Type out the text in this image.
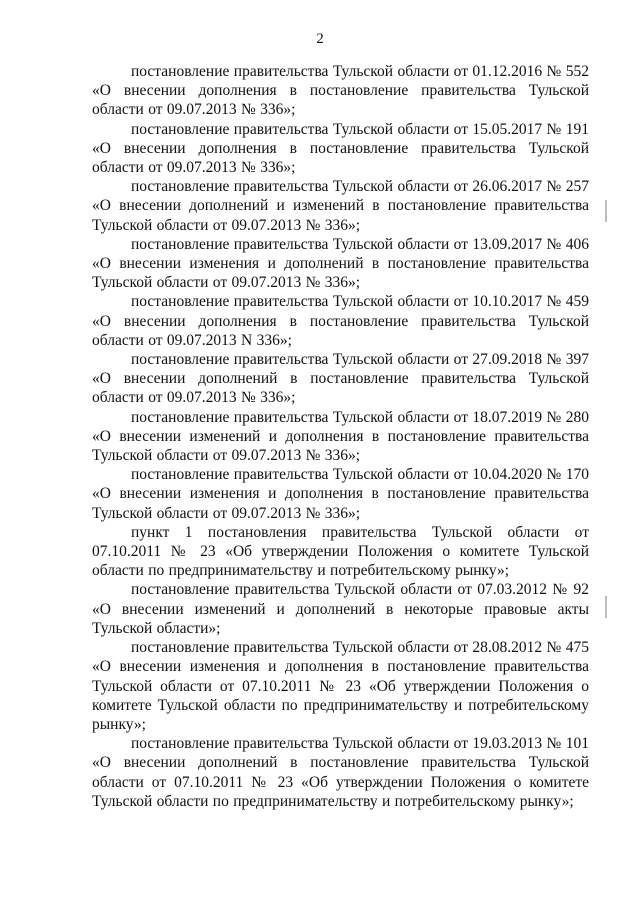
2

постановление правительства Тульской области от 01.12.2016 № 552 «О внесении дополнения в постановление правительства Тульской области от 09.07.2013 № 336»;

постановление правительства Тульской области от 15.05.2017 № 191 «О внесении дополнения в постановление правительства Тульской области от 09.07.2013 № 336»;

постановление правительства Тульской области от 26.06.2017 № 257 «О внесении дополнений и изменений в постановление правительства Тульской области от 09.07.2013 № 336»;

постановление правительства Тульской области от 13.09.2017 № 406 «О внесении изменения и дополнений в постановление правительства Тульской области от 09.07.2013 № 336»;

постановление правительства Тульской области от 10.10.2017 № 459 «О внесении дополнения в постановление правительства Тульской области от 09.07.2013 N 336»;

постановление правительства Тульской области от 27.09.2018 № 397 «О внесении дополнений в постановление правительства Тульской области от 09.07.2013 № 336»;

постановление правительства Тульской области от 18.07.2019 № 280 «О внесении изменений и дополнения в постановление правительства Тульской области от 09.07.2013 № 336»;

постановление правительства Тульской области от 10.04.2020 № 170 «О внесении изменения и дополнения в постановление правительства Тульской области от 09.07.2013 № 336»;

пункт 1 постановления правительства Тульской области от 07.10.2011 № 23 «Об утверждении Положения о комитете Тульской области по предпринимательству и потребительскому рынку»;

постановление правительства Тульской области от 07.03.2012 № 92 «О внесении изменений и дополнений в некоторые правовые акты Тульской области»;

постановление правительства Тульской области от 28.08.2012 № 475 «О внесении изменения и дополнения в постановление правительства Тульской области от 07.10.2011 № 23 «Об утверждении Положения о комитете Тульской области по предпринимательству и потребительскому рынку»;

постановление правительства Тульской области от 19.03.2013 № 101 «О внесении дополнений в постановление правительства Тульской области от 07.10.2011 № 23 «Об утверждении Положения о комитете Тульской области по предпринимательству и потребительскому рынку»;
